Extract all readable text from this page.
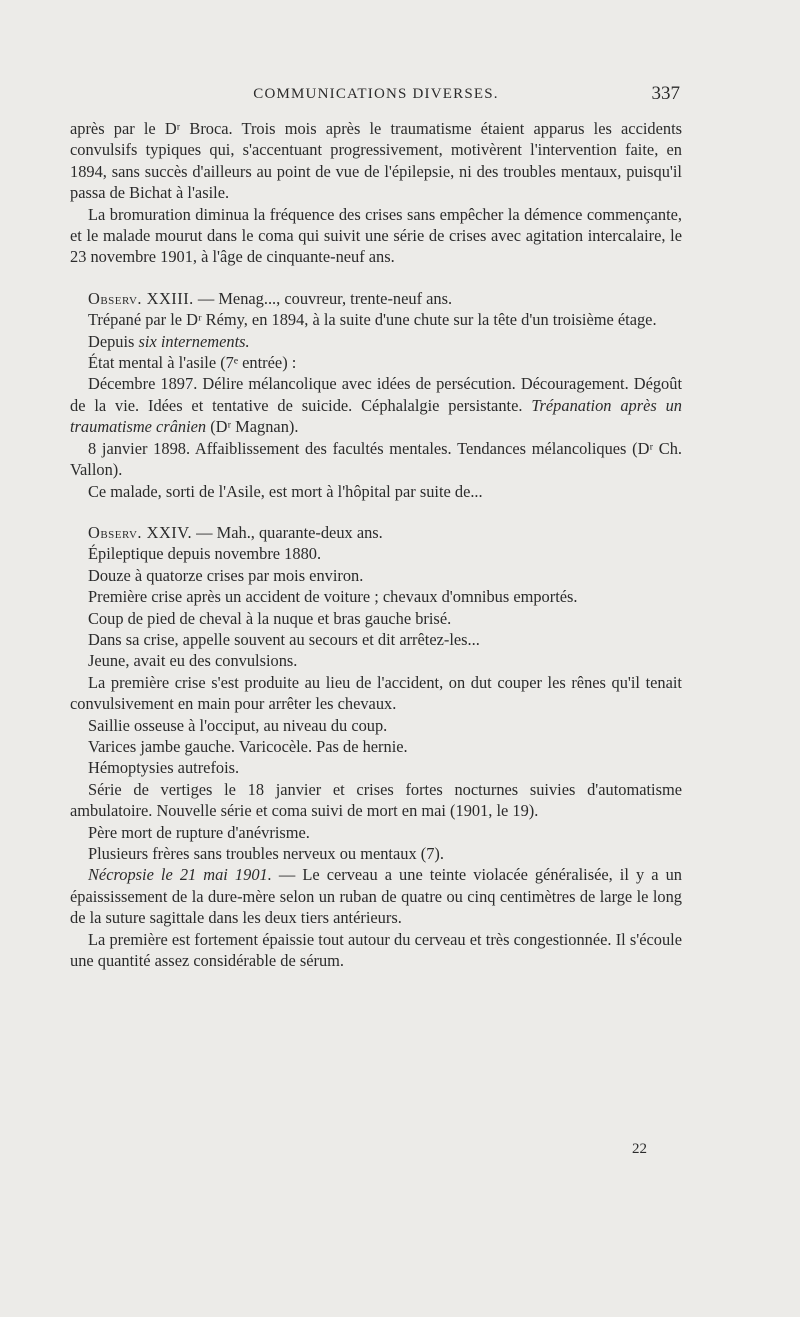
COMMUNICATIONS DIVERSES.	337

après par le Dʳ Broca. Trois mois après le traumatisme étaient apparus les accidents convulsifs typiques qui, s'accentuant progressivement, motivèrent l'intervention faite, en 1894, sans succès d'ailleurs au point de vue de l'épilepsie, ni des troubles mentaux, puisqu'il passa de Bichat à l'asile.

La bromuration diminua la fréquence des crises sans empêcher la démence commençante, et le malade mourut dans le coma qui suivit une série de crises avec agitation intercalaire, le 23 novembre 1901, à l'âge de cinquante-neuf ans.

Observ. XXIII. — Menag..., couvreur, trente-neuf ans.

Trépané par le Dʳ Rémy, en 1894, à la suite d'une chute sur la tête d'un troisième étage.

Depuis six internements.

État mental à l'asile (7ᵉ entrée) :

Décembre 1897. Délire mélancolique avec idées de persécution. Découragement. Dégoût de la vie. Idées et tentative de suicide. Céphalalgie persistante. Trépanation après un traumatisme crânien (Dʳ Magnan).

8 janvier 1898. Affaiblissement des facultés mentales. Tendances mélancoliques (Dʳ Ch. Vallon).

Ce malade, sorti de l'Asile, est mort à l'hôpital par suite de...

Observ. XXIV. — Mah., quarante-deux ans.

Épileptique depuis novembre 1880.

Douze à quatorze crises par mois environ.

Première crise après un accident de voiture ; chevaux d'omnibus emportés.

Coup de pied de cheval à la nuque et bras gauche brisé.

Dans sa crise, appelle souvent au secours et dit arrêtez-les...

Jeune, avait eu des convulsions.

La première crise s'est produite au lieu de l'accident, on dut couper les rênes qu'il tenait convulsivement en main pour arrêter les chevaux.

Saillie osseuse à l'occiput, au niveau du coup.

Varices jambe gauche. Varicocèle. Pas de hernie.

Hémoptysies autrefois.

Série de vertiges le 18 janvier et crises fortes nocturnes suivies d'automatisme ambulatoire. Nouvelle série et coma suivi de mort en mai (1901, le 19).

Père mort de rupture d'anévrisme.

Plusieurs frères sans troubles nerveux ou mentaux (7).

Nécropsie le 21 mai 1901. — Le cerveau a une teinte violacée généralisée, il y a un épaississement de la dure-mère selon un ruban de quatre ou cinq centimètres de large le long de la suture sagittale dans les deux tiers antérieurs.

La première est fortement épaissie tout autour du cerveau et très congestionnée. Il s'écoule une quantité assez considérable de sérum.

22
